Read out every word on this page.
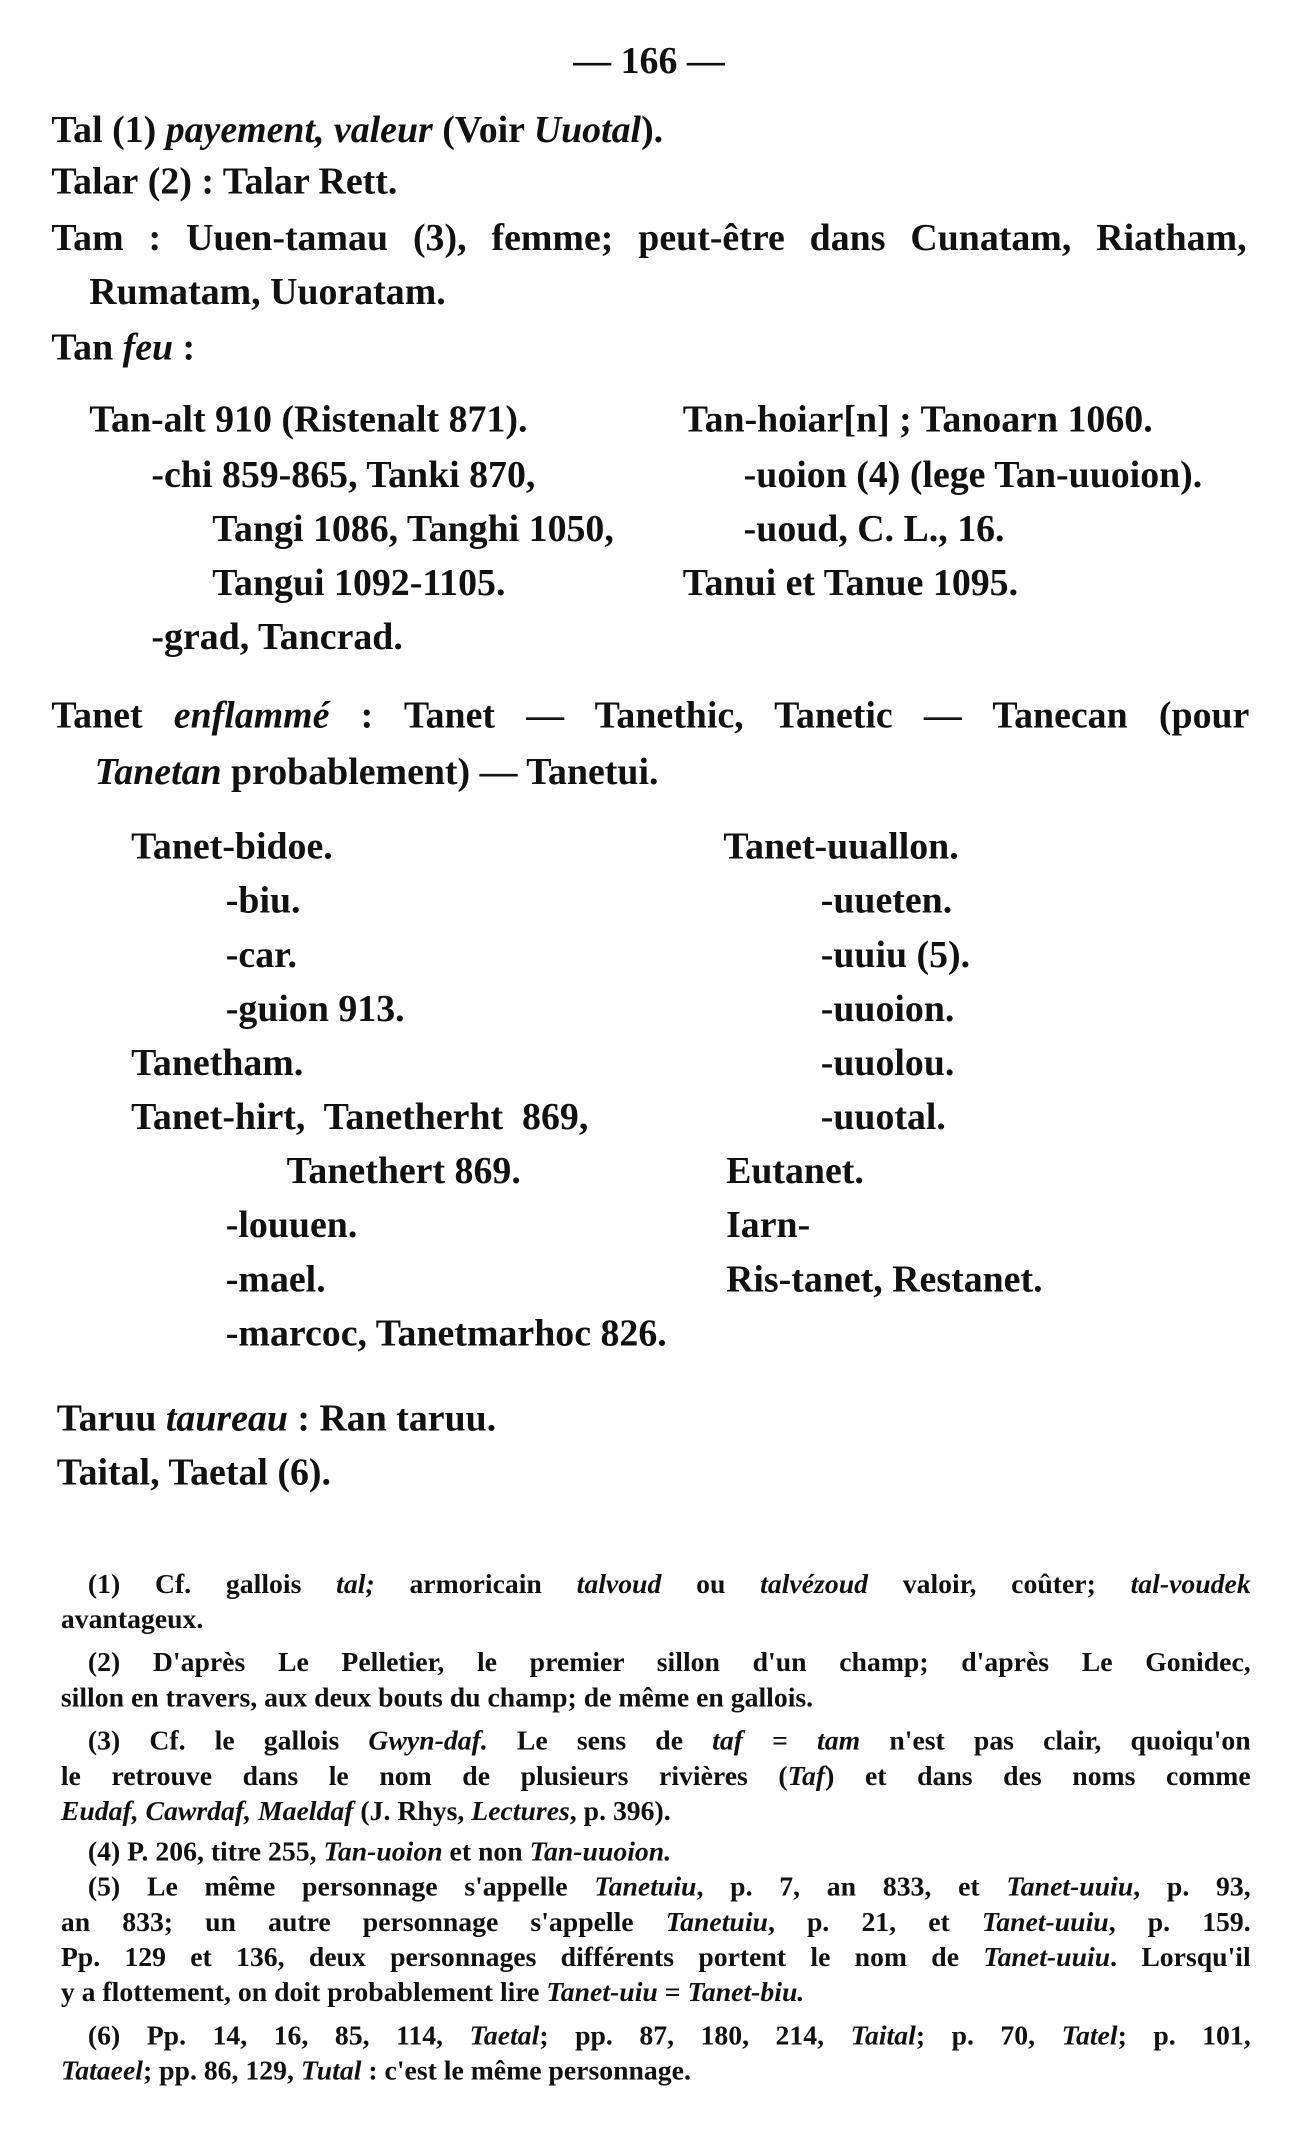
— 166 —
Tal (1) payement, valeur (Voir Uuotal).
Talar (2) : Talar Rett.
Tam : Uuen-tamau (3), femme; peut-être dans Cunatam, Riatham,
Rumatam, Uuoratam.
Tan feu :
Tan-alt 910 (Ristenalt 871).
-chi 859-865, Tanki 870,
Tangi 1086, Tanghi 1050,
Tangui 1092-1105.
-grad, Tancrad.
Tan-hoiar[n] ; Tanoarn 1060.
-uoion (4) (lege Tan-uuoion).
-uoud, C. L., 16.
Tanui et Tanue 1095.
Tanet enflammé : Tanet — Tanethic, Tanetic — Tanecan (pour
Tanetan probablement) — Tanetui.
Tanet-bidoe.
-biu.
-car.
-guion 913.
Tanetham.
Tanet-hirt,  Tanetherht  869,
Tanethert 869.
-louuen.
-mael.
-marcoc, Tanetmarhoc 826.
Tanet-uuallon.
-uueten.
-uuiu (5).
-uuoion.
-uuolou.
-uuotal.
Eutanet.
Iarn-
Ris-tanet, Restanet.
Taruu taureau : Ran taruu.
Taital, Taetal (6).
(1) Cf. gallois tal; armoricain talvoud ou talvézoud valoir, coûter; tal-voudek
avantageux.
(2) D'après Le Pelletier, le premier sillon d'un champ; d'après Le Gonidec,
sillon en travers, aux deux bouts du champ; de même en gallois.
(3) Cf. le gallois Gwyn-daf. Le sens de taf = tam n'est pas clair, quoiqu'on
le retrouve dans le nom de plusieurs rivières (Taf) et dans des noms comme
Eudaf, Cawrdaf, Maeldaf (J. Rhys, Lectures, p. 396).
(4) P. 206, titre 255, Tan-uoion et non Tan-uuoion.
(5) Le même personnage s'appelle Tanetuiu, p. 7, an 833, et Tanet-uuiu, p. 93,
an 833; un autre personnage s'appelle Tanetuiu, p. 21, et Tanet-uuiu, p. 159.
Pp. 129 et 136, deux personnages différents portent le nom de Tanet-uuiu. Lorsqu'il
y a flottement, on doit probablement lire Tanet-uiu = Tanet-biu.
(6) Pp. 14, 16, 85, 114, Taetal; pp. 87, 180, 214, Taital; p. 70, Tatel; p. 101,
Tataeel; pp. 86, 129, Tutal : c'est le même personnage.
